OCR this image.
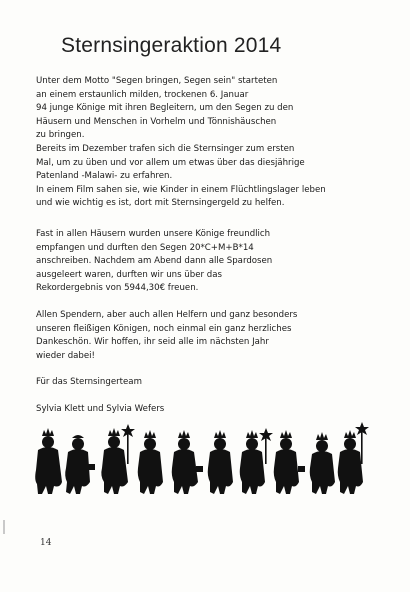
Sternsingeraktion 2014
Unter dem Motto "Segen bringen, Segen sein" starteten
an einem erstaunlich milden, trockenen 6. Januar
94 junge Könige mit ihren Begleitern, um den Segen zu den
Häusern und Menschen in Vorhelm und Tönnishäuschen
zu bringen.
Bereits im Dezember trafen sich die Sternsinger zum ersten
Mal, um zu üben und vor allem um etwas über das diesjährige
Patenland -Malawi- zu erfahren.
In einem Film sahen sie, wie Kinder in einem Flüchtlingslager leben
und wie wichtig es ist, dort mit Sternsingergeld zu helfen.
Fast in allen Häusern wurden unsere Könige freundlich
empfangen und durften den Segen 20*C+M+B*14
anschreiben. Nachdem am Abend dann alle Spardosen
ausgeleert waren, durften wir uns über das
Rekordergebnis von 5944,30€ freuen.
Allen Spendern, aber auch allen Helfern und ganz besonders
unseren fleißigen Königen, noch einmal ein ganz herzliches
Dankeschön. Wir hoffen, ihr seid alle im nächsten Jahr
wieder dabei!
Für das Sternsingerteam
Sylvia Klett und Sylvia Wefers
14
